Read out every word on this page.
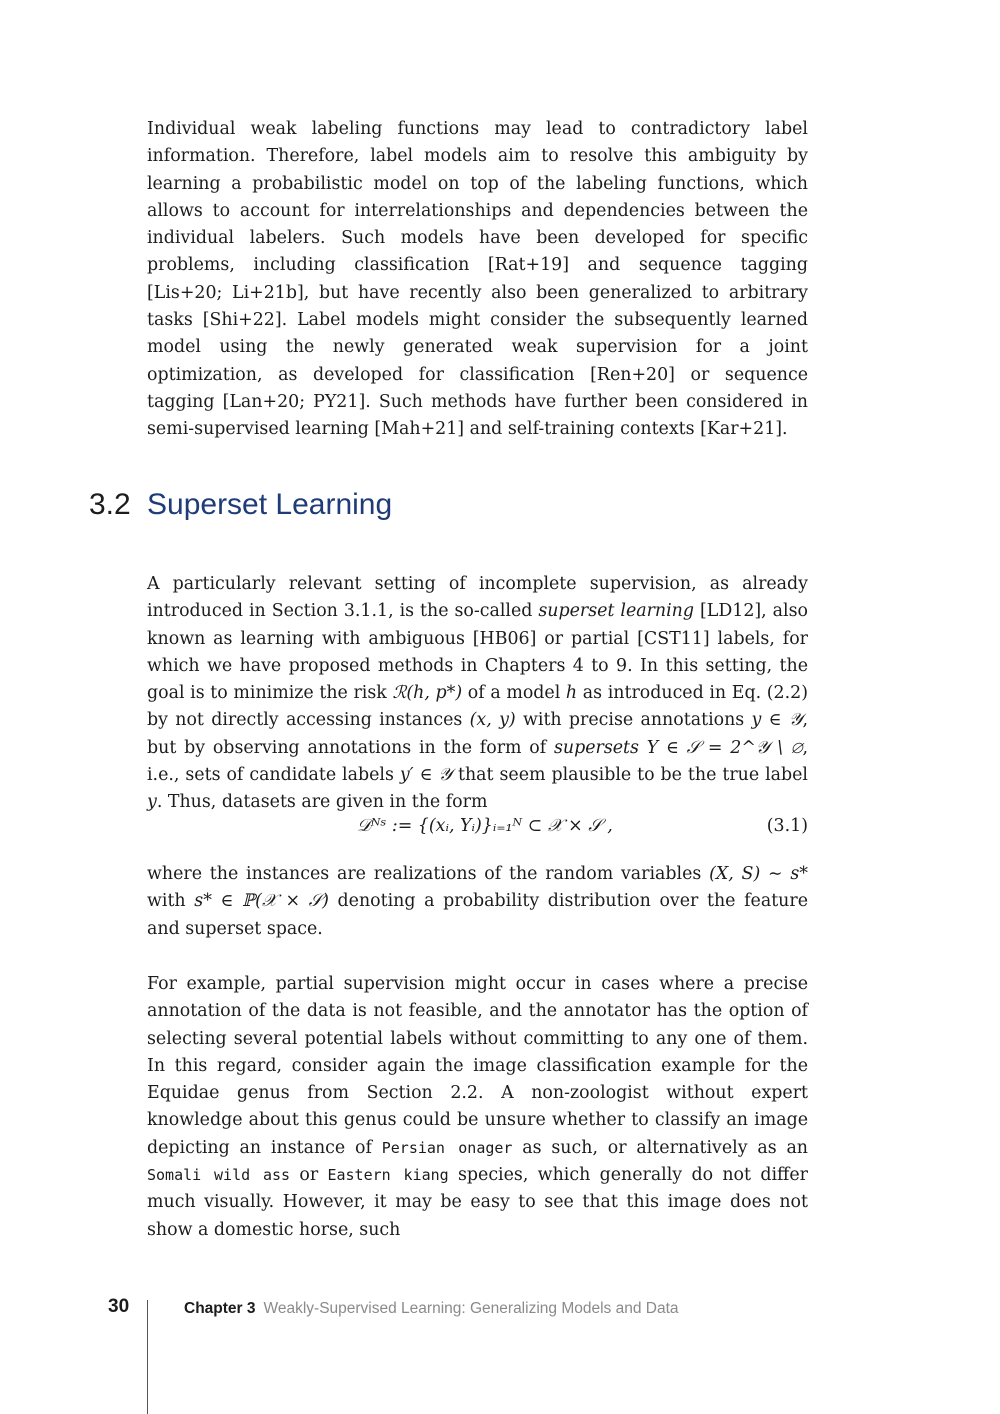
Individual weak labeling functions may lead to contradictory label information. Therefore, label models aim to resolve this ambiguity by learning a probabilistic model on top of the labeling functions, which allows to account for interrelationships and dependencies between the individual labelers. Such models have been developed for specific problems, including classification [Rat+19] and sequence tagging [Lis+20; Li+21b], but have recently also been generalized to arbitrary tasks [Shi+22]. Label models might consider the subsequently learned model using the newly generated weak supervision for a joint optimization, as developed for classification [Ren+20] or sequence tagging [Lan+20; PY21]. Such methods have further been considered in semi-supervised learning [Mah+21] and self-training contexts [Kar+21].
3.2 Superset Learning
A particularly relevant setting of incomplete supervision, as already introduced in Section 3.1.1, is the so-called superset learning [LD12], also known as learning with ambiguous [HB06] or partial [CST11] labels, for which we have proposed methods in Chapters 4 to 9. In this setting, the goal is to minimize the risk ℛ(h, p*) of a model h as introduced in Eq. (2.2) by not directly accessing instances (x, y) with precise annotations y ∈ 𝒴, but by observing annotations in the form of supersets Y ∈ 𝒮 = 2^𝒴 \ ∅, i.e., sets of candidate labels y′ ∈ 𝒴 that seem plausible to be the true label y. Thus, datasets are given in the form
𝒟ᴺˢ := {(xᵢ, Yᵢ)}ᵢ₌₁ᴺ ⊂ 𝒳 × 𝒮 ,	(3.1)
where the instances are realizations of the random variables (X, S) ∼ s* with s* ∈ ℙ(𝒳 × 𝒮) denoting a probability distribution over the feature and superset space.
For example, partial supervision might occur in cases where a precise annotation of the data is not feasible, and the annotator has the option of selecting several potential labels without committing to any one of them. In this regard, consider again the image classification example for the Equidae genus from Section 2.2. A non-zoologist without expert knowledge about this genus could be unsure whether to classify an image depicting an instance of Persian onager as such, or alternatively as an Somali wild ass or Eastern kiang species, which generally do not differ much visually. However, it may be easy to see that this image does not show a domestic horse, such
30	Chapter 3 Weakly-Supervised Learning: Generalizing Models and Data
